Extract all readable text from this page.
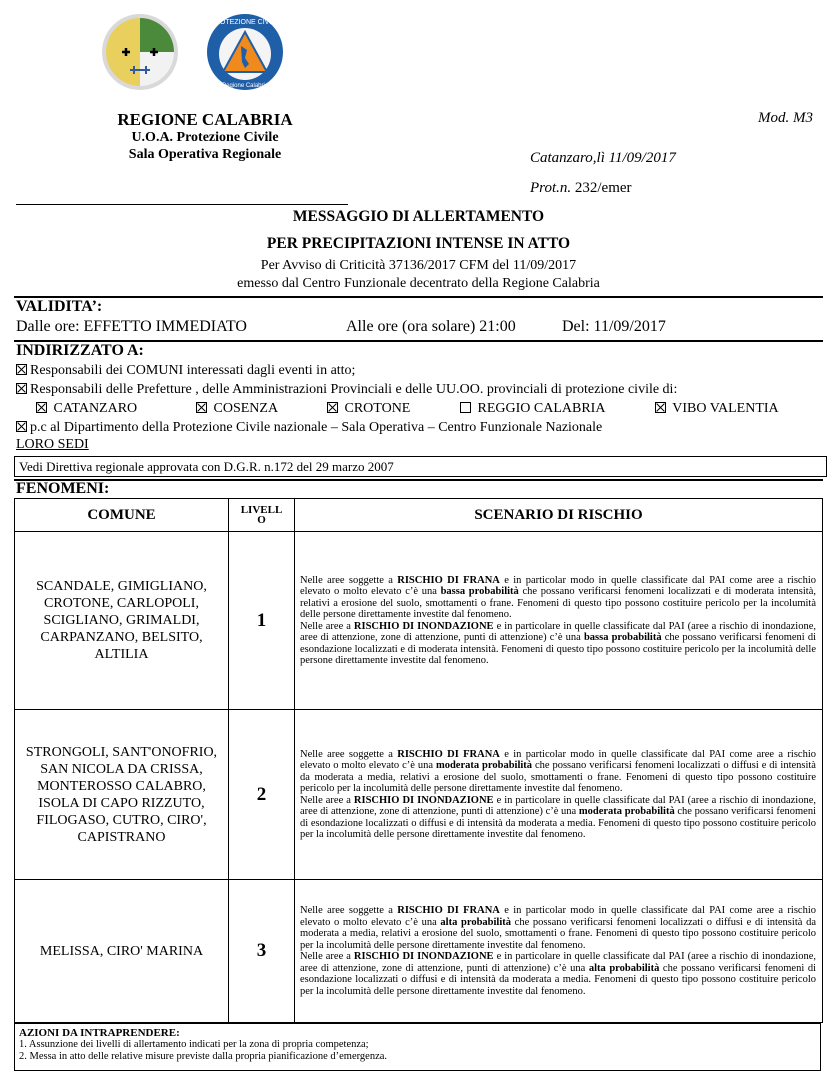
PROTEZIONE CIVILE
Regione Calabria
REGIONE CALABRIA
U.O.A. Protezione Civile
Sala Operativa Regionale
Mod. M3
Catanzaro,lì 11/09/2017
Prot.n. 232/emer
MESSAGGIO DI ALLERTAMENTO
PER PRECIPITAZIONI INTENSE IN ATTO
Per Avviso di Criticità 37136/2017 CFM del 11/09/2017
emesso dal Centro Funzionale decentrato della Regione Calabria
VALIDITA’:
Dalle ore: EFFETTO IMMEDIATO	Alle ore (ora solare) 21:00	Del: 11/09/2017
INDIRIZZATO A:
Responsabili dei COMUNI interessati dagli eventi in atto;
Responsabili delle Prefetture , delle Amministrazioni Provinciali e delle UU.OO. provinciali di protezione civile di:
CATANZARO	COSENZA	CROTONE	REGGIO CALABRIA	VIBO VALENTIA
p.c al Dipartimento della Protezione Civile nazionale – Sala Operativa – Centro Funzionale Nazionale
LORO SEDI
Vedi Direttiva regionale approvata con D.G.R. n.172 del 29 marzo 2007
FENOMENI:
COMUNE	LIVELL
O	SCENARIO DI RISCHIO
SCANDALE, GIMIGLIANO, CROTONE, CARLOPOLI, SCIGLIANO, GRIMALDI, CARPANZANO, BELSITO, ALTILIA	1	Nelle aree soggette a RISCHIO DI FRANA e in particolar modo in quelle classificate dal PAI come aree a rischio elevato o molto elevato c’è una bassa probabilità che possano verificarsi fenomeni localizzati e di moderata intensità, relativi a erosione del suolo, smottamenti o frane. Fenomeni di questo tipo possono costituire pericolo per la incolumità delle persone direttamente investite dal fenomeno.

Nelle aree a RISCHIO DI INONDAZIONE e in particolare in quelle classificate dal PAI (aree a rischio di inondazione, aree di attenzione, zone di attenzione, punti di attenzione) c’è una bassa probabilità che possano verificarsi fenomeni di esondazione localizzati e di moderata intensità. Fenomeni di questo tipo possono costituire pericolo per la incolumità delle persone direttamente investite dal fenomeno.

STRONGOLI, SANT'ONOFRIO, SAN NICOLA DA CRISSA, MONTEROSSO CALABRO, ISOLA DI CAPO RIZZUTO, FILOGASO, CUTRO, CIRO', CAPISTRANO	2	Nelle aree soggette a RISCHIO DI FRANA e in particolar modo in quelle classificate dal PAI come aree a rischio elevato o molto elevato c’è una moderata probabilità che possano verificarsi fenomeni localizzati o diffusi e di intensità da moderata a media, relativi a erosione del suolo, smottamenti o frane. Fenomeni di questo tipo possono costituire pericolo per la incolumità delle persone direttamente investite dal fenomeno.

Nelle aree a RISCHIO DI INONDAZIONE e in particolare in quelle classificate dal PAI (aree a rischio di inondazione, aree di attenzione, zone di attenzione, punti di attenzione) c’è una moderata probabilità che possano verificarsi fenomeni di esondazione localizzati o diffusi e di intensità da moderata a media. Fenomeni di questo tipo possono costituire pericolo per la incolumità delle persone direttamente investite dal fenomeno.

MELISSA, CIRO' MARINA	3	Nelle aree soggette a RISCHIO DI FRANA e in particolar modo in quelle classificate dal PAI come aree a rischio elevato o molto elevato c’è una alta probabilità che possano verificarsi fenomeni localizzati o diffusi e di intensità da moderata a media, relativi a erosione del suolo, smottamenti o frane. Fenomeni di questo tipo possono costituire pericolo per la incolumità delle persone direttamente investite dal fenomeno.

Nelle aree a RISCHIO DI INONDAZIONE e in particolare in quelle classificate dal PAI (aree a rischio di inondazione, aree di attenzione, zone di attenzione, punti di attenzione) c’è una alta probabilità che possano verificarsi fenomeni di esondazione localizzati o diffusi e di intensità da moderata a media. Fenomeni di questo tipo possono costituire pericolo per la incolumità delle persone direttamente investite dal fenomeno.

AZIONI DA INTRAPRENDERE:
1. Assunzione dei livelli di allertamento indicati per la zona di propria competenza;
2. Messa in atto delle relative misure previste dalla propria pianificazione d’emergenza.
